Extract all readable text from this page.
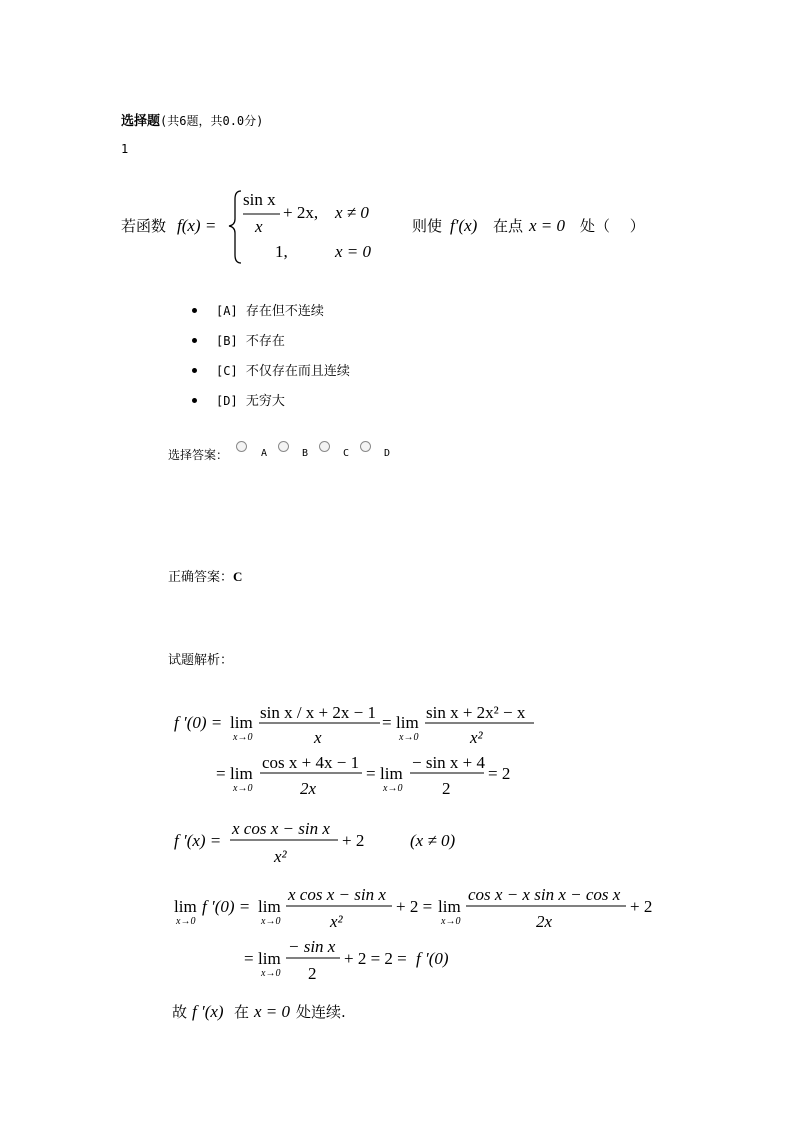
选择题(共6题，共0.0分)
1
若函数 f(x) =
sin x
x
+ 2x, x ≠ 0
1,	x = 0
则使 f′(x) 在点 x = 0 处（　 ）
[A] 存在但不连续
[B] 不存在
[C] 不仅存在而且连续
[D] 无穷大
选择答案：	A	B	C	D
正确答案：C
试题解析：
f ′(0) = lim
x→0
sin x / x + 2x − 1
x
= lim
x→0
sin x + 2x² − x
x²
= lim
x→0
cos x + 4x − 1
2x
= lim
x→0
− sin x + 4
2
= 2
f ′(x) =
x cos x − sin x
x²
+ 2	(x ≠ 0)
lim
x→0
f ′(0) = lim
x→0
x cos x − sin x
x²
+ 2 = lim
x→0
cos x − x sin x − cos x
2x
+ 2
= lim
x→0
− sin x
2
+ 2 = 2 = f ′(0)
故 f ′(x) 在 x = 0 处连续.
